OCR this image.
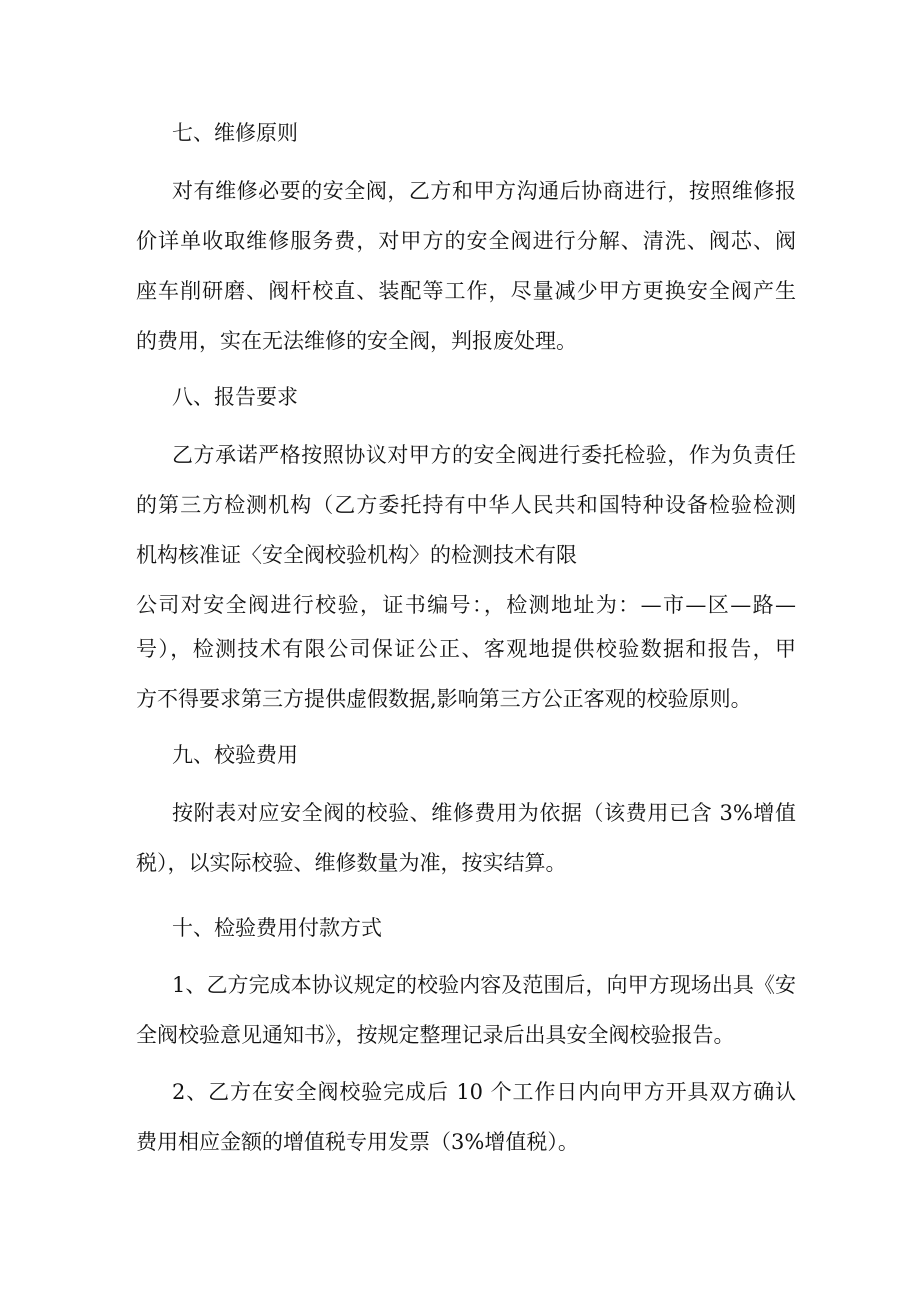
七、维修原则
对有维修必要的安全阀，乙方和甲方沟通后协商进行，按照维修报
价详单收取维修服务费，对甲方的安全阀进行分解、清洗、阀芯、阀
座车削研磨、阀杆校直、装配等工作，尽量减少甲方更换安全阀产生
的费用，实在无法维修的安全阀，判报废处理。
八、报告要求
乙方承诺严格按照协议对甲方的安全阀进行委托检验，作为负责任
的第三方检测机构（乙方委托持有中华人民共和国特种设备检验检测
机构核准证〈安全阀校验机构〉的检测技术有限
公司对安全阀进行校验，证书编号：，检测地址为：—市—区—路—
号），检测技术有限公司保证公正、客观地提供校验数据和报告，甲
方不得要求第三方提供虚假数据,影响第三方公正客观的校验原则。
九、校验费用
按附表对应安全阀的校验、维修费用为依据（该费用已含 3%增值
税），以实际校验、维修数量为准，按实结算。
十、检验费用付款方式
1、乙方完成本协议规定的校验内容及范围后，向甲方现场出具《安
全阀校验意见通知书》，按规定整理记录后出具安全阀校验报告。
2、乙方在安全阀校验完成后 10 个工作日内向甲方开具双方确认
费用相应金额的增值税专用发票（3%增值税）。
